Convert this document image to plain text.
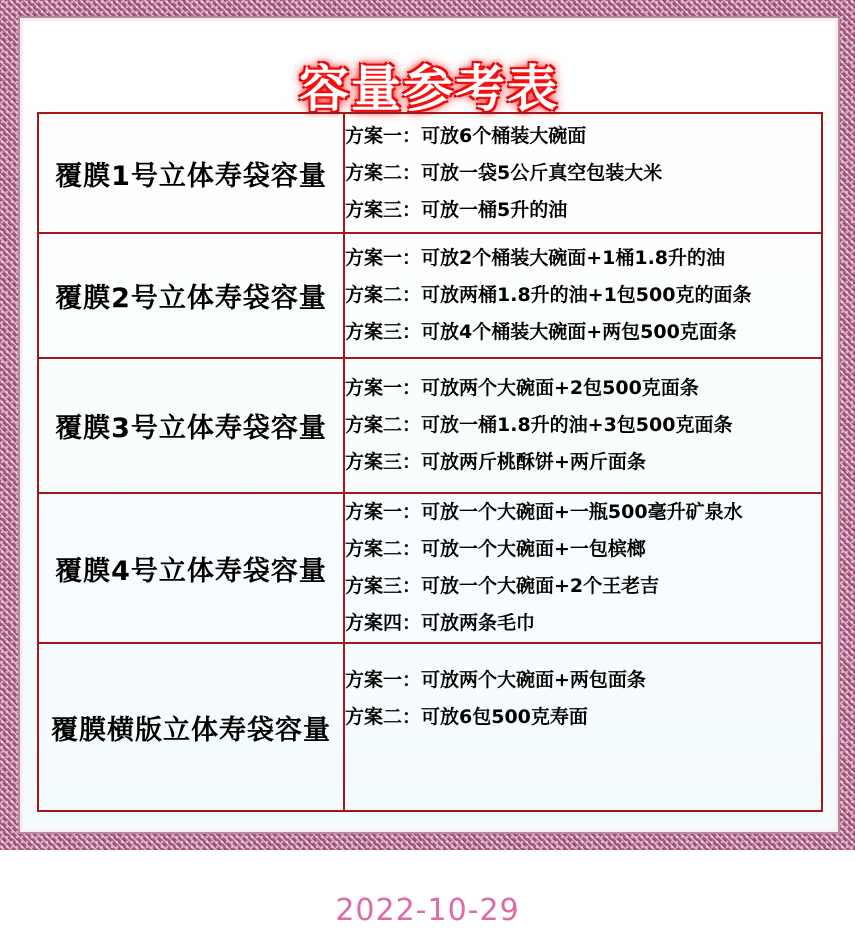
容量参考表
覆膜1号立体寿袋容量	方案一：可放6个桶装大碗面
方案二：可放一袋5公斤真空包装大米
方案三：可放一桶5升的油

覆膜2号立体寿袋容量	方案一：可放2个桶装大碗面+1桶1.8升的油
方案二：可放两桶1.8升的油+1包500克的面条
方案三：可放4个桶装大碗面+两包500克面条

覆膜3号立体寿袋容量	方案一：可放两个大碗面+2包500克面条
方案二：可放一桶1.8升的油+3包500克面条
方案三：可放两斤桃酥饼+两斤面条

覆膜4号立体寿袋容量	方案一：可放一个大碗面+一瓶500毫升矿泉水
方案二：可放一个大碗面+一包槟榔
方案三：可放一个大碗面+2个王老吉
方案四：可放两条毛巾

覆膜横版立体寿袋容量	方案一：可放两个大碗面+两包面条
方案二：可放6包500克寿面
2022-10-29
